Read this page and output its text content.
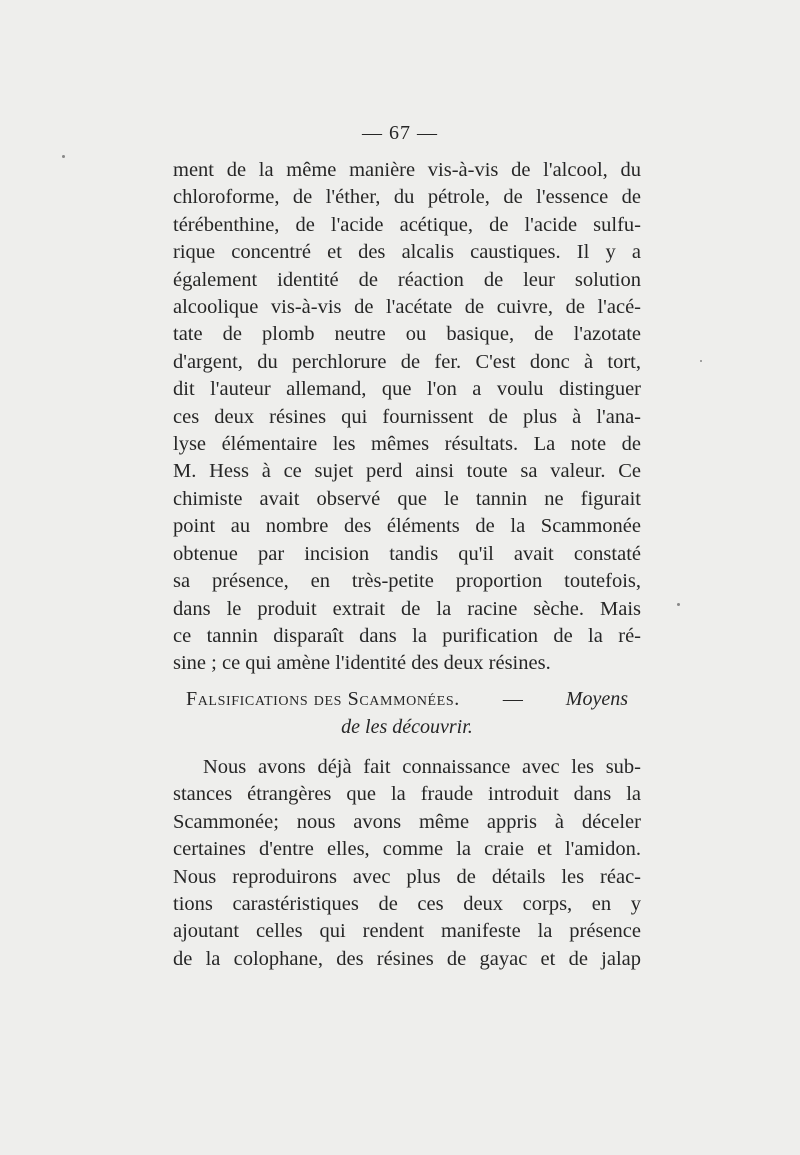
— 67 —
ment de la même manière vis-à-vis de l'alcool, du
chloroforme, de l'éther, du pétrole, de l'essence de
térébenthine, de l'acide acétique, de l'acide sulfu-
rique concentré et des alcalis caustiques. Il y a
également identité de réaction de leur solution
alcoolique vis-à-vis de l'acétate de cuivre, de l'acé-
tate de plomb neutre ou basique, de l'azotate
d'argent, du perchlorure de fer. C'est donc à tort,
dit l'auteur allemand, que l'on a voulu distinguer
ces deux résines qui fournissent de plus à l'ana-
lyse élémentaire les mêmes résultats. La note de
M. Hess à ce sujet perd ainsi toute sa valeur. Ce
chimiste avait observé que le tannin ne figurait
point au nombre des éléments de la Scammonée
obtenue par incision tandis qu'il avait constaté
sa présence, en très-petite proportion toutefois,
dans le produit extrait de la racine sèche. Mais
ce tannin disparaît dans la purification de la ré-
sine ; ce qui amène l'identité des deux résines.
Falsifications des Scammonées. — Moyens
de les découvrir.
Nous avons déjà fait connaissance avec les sub-
stances étrangères que la fraude introduit dans la
Scammonée; nous avons même appris à déceler
certaines d'entre elles, comme la craie et l'amidon.
Nous reproduirons avec plus de détails les réac-
tions carastéristiques de ces deux corps, en y
ajoutant celles qui rendent manifeste la présence
de la colophane, des résines de gayac et de jalap
